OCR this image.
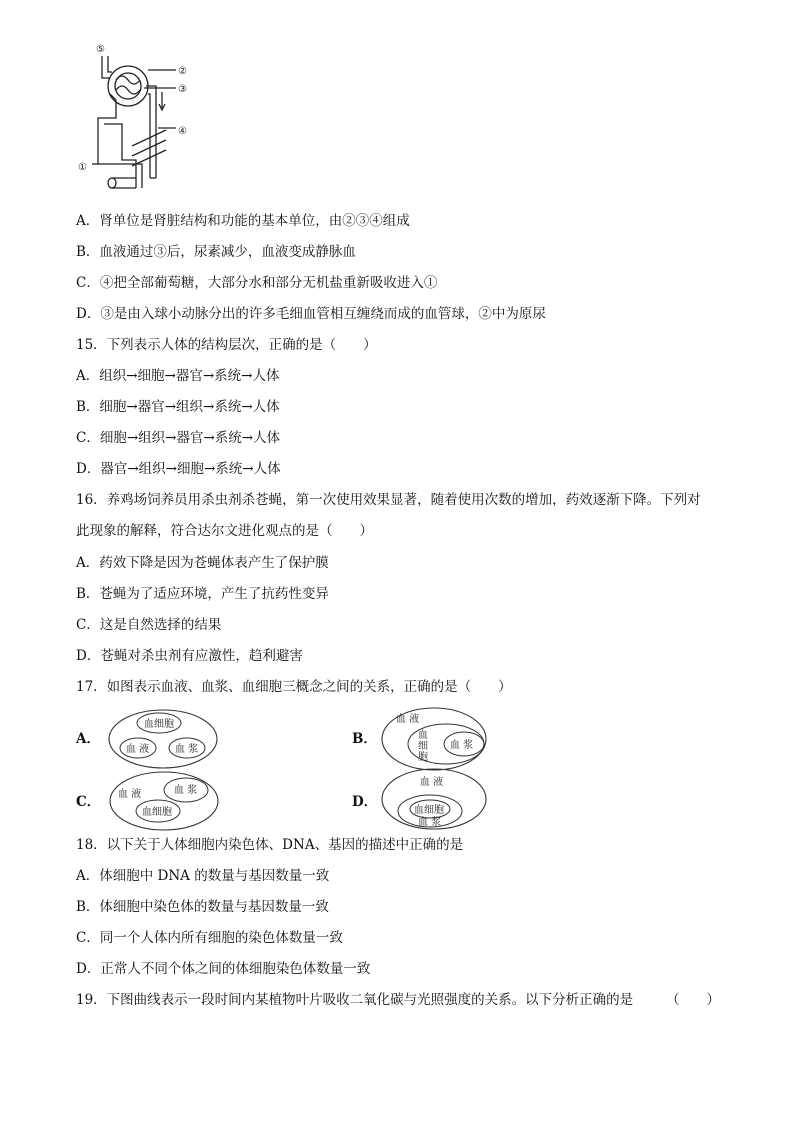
⑤
②
③
④
①
A．肾单位是肾脏结构和功能的基本单位，由②③④组成
B．血液通过③后，尿素减少，血液变成静脉血
C．④把全部葡萄糖，大部分水和部分无机盐重新吸收进入①
D．③是由入球小动脉分出的许多毛细血管相互缠绕而成的血管球，②中为原尿
15．下列表示人体的结构层次，正确的是（　　）
A．组织→细胞→器官→系统→人体
B．细胞→器官→组织→系统→人体
C．细胞→组织→器官→系统→人体
D．器官→组织→细胞→系统→人体
16．养鸡场饲养员用杀虫剂杀苍蝇，第一次使用效果显著，随着使用次数的增加，药效逐渐下降。下列对
此现象的解释，符合达尔文进化观点的是（　　）
A．药效下降是因为苍蝇体表产生了保护膜
B．苍蝇为了适应环境，产生了抗药性变异
C．这是自然选择的结果
D．苍蝇对杀虫剂有应激性，趋利避害
17．如图表示血液、血浆、血细胞三概念之间的关系，正确的是（　　）
A．
血细胞
血 液	血 浆
B．
血 液
血
细
胞
血 浆
C． 血 液	血 浆
血细胞
D．
血 液
血细胞
血 浆
18．以下关于人体细胞内染色体、DNA、基因的描述中正确的是
A．体细胞中 DNA 的数量与基因数量一致
B．体细胞中染色体的数量与基因数量一致
C．同一个人体内所有细胞的染色体数量一致
D．正常人不同个体之间的体细胞染色体数量一致
19．下图曲线表示一段时间内某植物叶片吸收二氧化碳与光照强度的关系。以下分析正确的是 （　　）
